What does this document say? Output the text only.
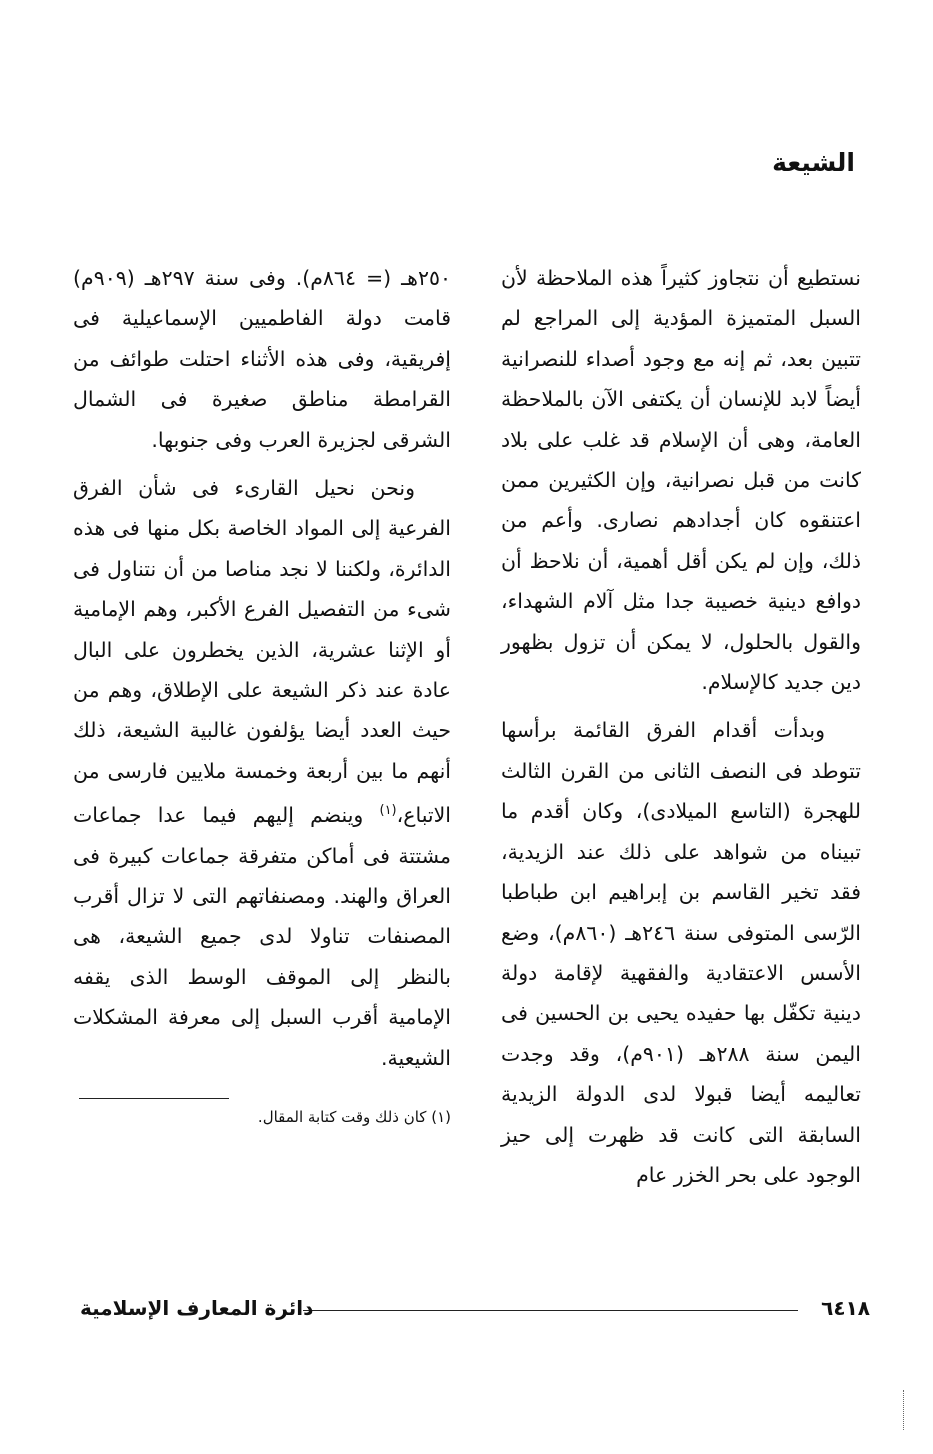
الشيعة

نستطيع أن نتجاوز كثيراً هذه الملاحظة لأن السبل المتميزة المؤدية إلى المراجع لم تتبين بعد، ثم إنه مع وجود أصداء للنصرانية أيضاً لابد للإنسان أن يكتفى الآن بالملاحظة العامة، وهى أن الإسلام قد غلب على بلاد كانت من قبل نصرانية، وإن الكثيرين ممن اعتنقوه كان أجدادهم نصارى. وأعم من ذلك، وإن لم يكن أقل أهمية، أن نلاحظ أن دوافع دينية خصيبة جدا مثل آلام الشهداء، والقول بالحلول، لا يمكن أن تزول بظهور دين جديد كالإسلام.

وبدأت أقدام الفرق القائمة برأسها تتوطد فى النصف الثانى من القرن الثالث للهجرة (التاسع الميلادى)، وكان أقدم ما تبيناه من شواهد على ذلك عند الزيدية، فقد تخير القاسم بن إبراهيم ابن طباطبا الرّسى المتوفى سنة ٢٤٦هـ (٨٦٠م)، وضع الأسس الاعتقادية والفقهية لإقامة دولة دينية تكفّل بها حفيده يحيى بن الحسين فى اليمن سنة ٢٨٨هـ (٩٠١م)، وقد وجدت تعاليمه أيضا قبولا لدى الدولة الزيدية السابقة التى كانت قد ظهرت إلى حيز الوجود على بحر الخزر عام

٢٥٠هـ (= ٨٦٤م). وفى سنة ٢٩٧هـ (٩٠٩م) قامت دولة الفاطميين الإسماعيلية فى إفريقية، وفى هذه الأثناء احتلت طوائف من القرامطة مناطق صغيرة فى الشمال الشرقى لجزيرة العرب وفى جنوبها.

ونحن نحيل القارىء فى شأن الفرق الفرعية إلى المواد الخاصة بكل منها فى هذه الدائرة، ولكننا لا نجد مناصا من أن نتناول فى شىء من التفصيل الفرع الأكبر، وهم الإمامية أو الإثنا عشرية، الذين يخطرون على البال عادة عند ذكر الشيعة على الإطلاق، وهم من حيث العدد أيضا يؤلفون غالبية الشيعة، ذلك أنهم ما بين أربعة وخمسة ملايين فارسى من الاتباع،$^{(١)}$ وينضم إليهم فيما عدا جماعات مشتتة فى أماكن متفرقة جماعات كبيرة فى العراق والهند. ومصنفاتهم التى لا تزال أقرب المصنفات تناولا لدى جميع الشيعة، هى بالنظر إلى الموقف الوسط الذى يقفه الإمامية أقرب السبل إلى معرفة المشكلات الشيعية.

(١) كان ذلك وقت كتابة المقال.
٦٤١٨
دائرة المعارف الإسلامية
